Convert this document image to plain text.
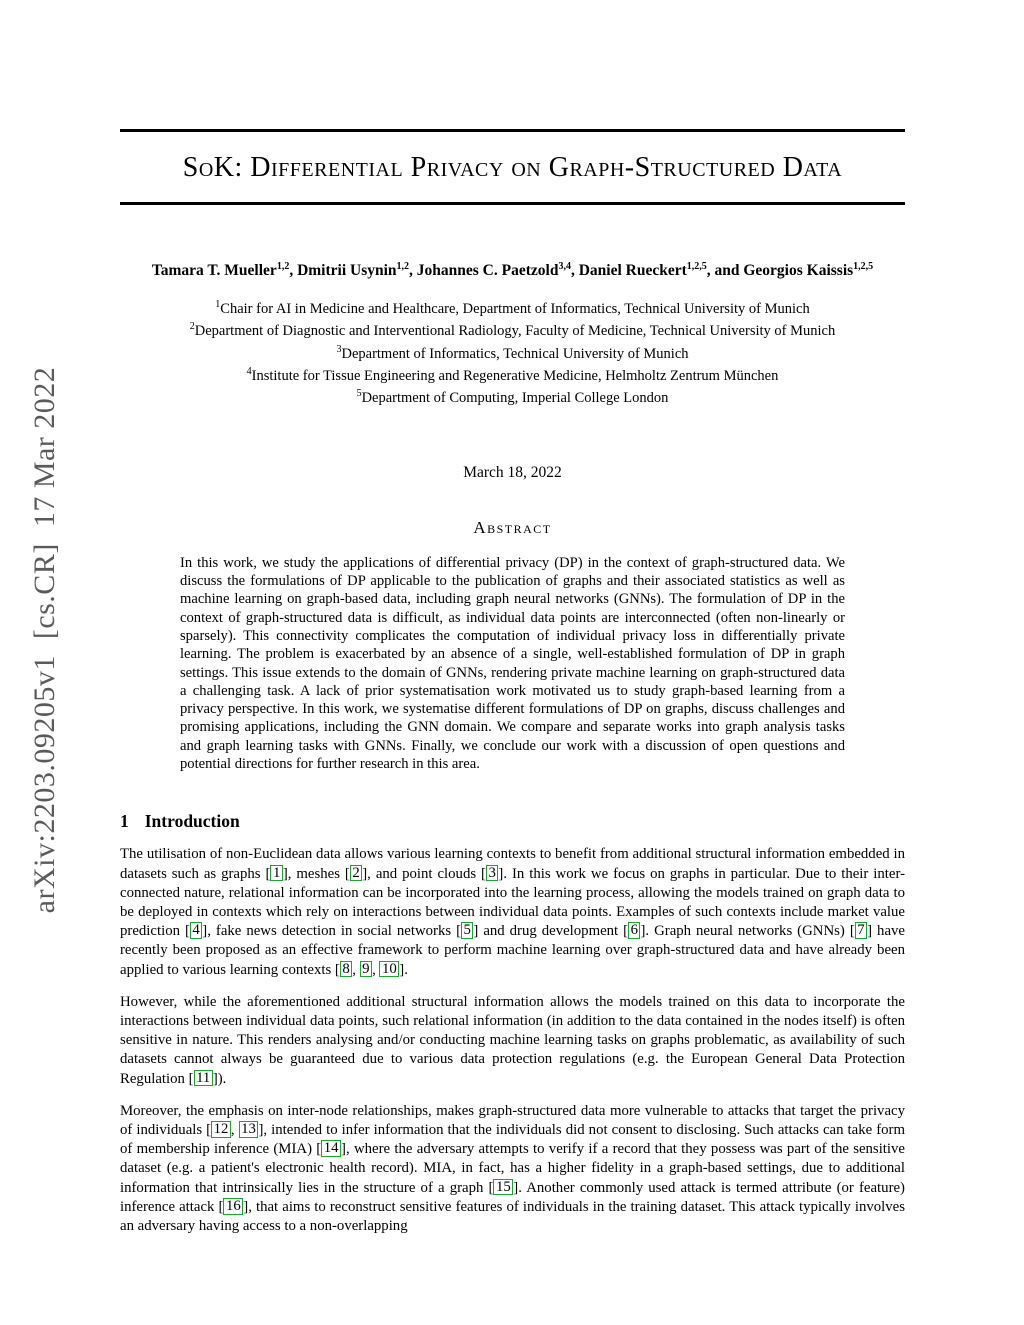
arXiv:2203.09205v1  [cs.CR]  17 Mar 2022
SoK: Differential Privacy on Graph-Structured Data

Tamara T. Mueller$^{1,2}$, Dmitrii Usynin$^{1,2}$, Johannes C. Paetzold$^{3,4}$, Daniel Rueckert$^{1,2,5}$, and Georgios Kaissis$^{1,2,5}$

$^1$Chair for AI in Medicine and Healthcare, Department of Informatics, Technical University of Munich
$^2$Department of Diagnostic and Interventional Radiology, Faculty of Medicine, Technical University of Munich
$^3$Department of Informatics, Technical University of Munich
$^4$Institute for Tissue Engineering and Regenerative Medicine, Helmholtz Zentrum München
$^5$Department of Computing, Imperial College London

March 18, 2022

Abstract

In this work, we study the applications of differential privacy (DP) in the context of graph-structured data. We discuss the formulations of DP applicable to the publication of graphs and their associated statistics as well as machine learning on graph-based data, including graph neural networks (GNNs). The formulation of DP in the context of graph-structured data is difficult, as individual data points are interconnected (often non-linearly or sparsely). This connectivity complicates the computation of individual privacy loss in differentially private learning. The problem is exacerbated by an absence of a single, well-established formulation of DP in graph settings. This issue extends to the domain of GNNs, rendering private machine learning on graph-structured data a challenging task. A lack of prior systematisation work motivated us to study graph-based learning from a privacy perspective. In this work, we systematise different formulations of DP on graphs, discuss challenges and promising applications, including the GNN domain. We compare and separate works into graph analysis tasks and graph learning tasks with GNNs. Finally, we conclude our work with a discussion of open questions and potential directions for further research in this area.

1 Introduction

The utilisation of non-Euclidean data allows various learning contexts to benefit from additional structural information embedded in datasets such as graphs [ 1 ], meshes [ 2 ], and point clouds [ 3 ]. In this work we focus on graphs in particular. Due to their inter-connected nature, relational information can be incorporated into the learning process, allowing the models trained on graph data to be deployed in contexts which rely on interactions between individual data points. Examples of such contexts include market value prediction [ 4 ], fake news detection in social networks [ 5 ] and drug development [ 6 ]. Graph neural networks (GNNs) [ 7 ] have recently been proposed as an effective framework to perform machine learning over graph-structured data and have already been applied to various learning contexts [ 8 , 9 , 10 ].

However, while the aforementioned additional structural information allows the models trained on this data to incorporate the interactions between individual data points, such relational information (in addition to the data contained in the nodes itself) is often sensitive in nature. This renders analysing and/or conducting machine learning tasks on graphs problematic, as availability of such datasets cannot always be guaranteed due to various data protection regulations (e.g. the European General Data Protection Regulation [ 11 ]).

Moreover, the emphasis on inter-node relationships, makes graph-structured data more vulnerable to attacks that target the privacy of individuals [ 12 , 13 ], intended to infer information that the individuals did not consent to disclosing. Such attacks can take form of membership inference (MIA) [ 14 ], where the adversary attempts to verify if a record that they possess was part of the sensitive dataset (e.g. a patient's electronic health record). MIA, in fact, has a higher fidelity in a graph-based settings, due to additional information that intrinsically lies in the structure of a graph [ 15 ]. Another commonly used attack is termed attribute (or feature) inference attack [ 16 ], that aims to reconstruct sensitive features of individuals in the training dataset. This attack typically involves an adversary having access to a non-overlapping
